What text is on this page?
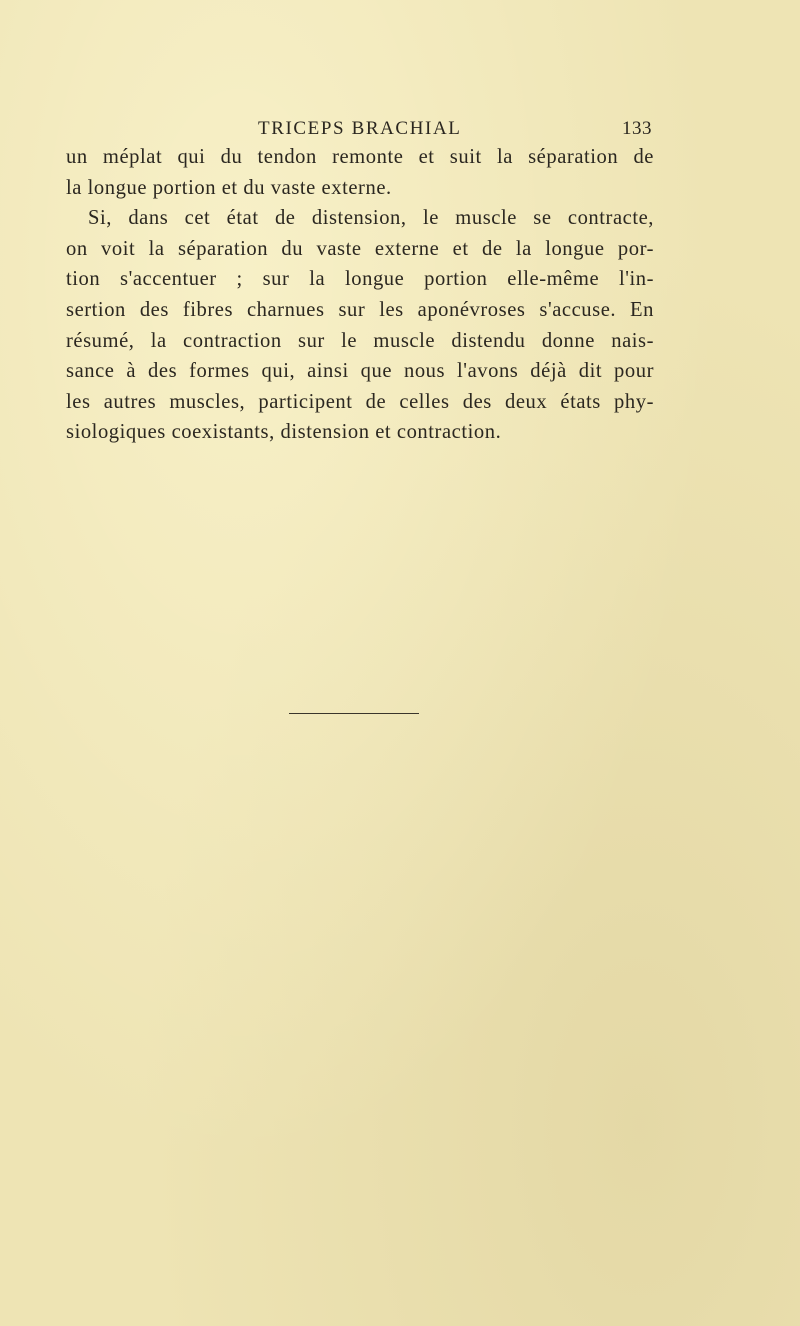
TRICEPS BRACHIAL	133
un méplat qui du tendon remonte et suit la séparation de
la longue portion et du vaste externe.
Si, dans cet état de distension, le muscle se contracte,
on voit la séparation du vaste externe et de la longue por-
tion s'accentuer ; sur la longue portion elle-même l'in-
sertion des fibres charnues sur les aponévroses s'accuse. En
résumé, la contraction sur le muscle distendu donne nais-
sance à des formes qui, ainsi que nous l'avons déjà dit pour
les autres muscles, participent de celles des deux états phy-
siologiques coexistants, distension et contraction.
